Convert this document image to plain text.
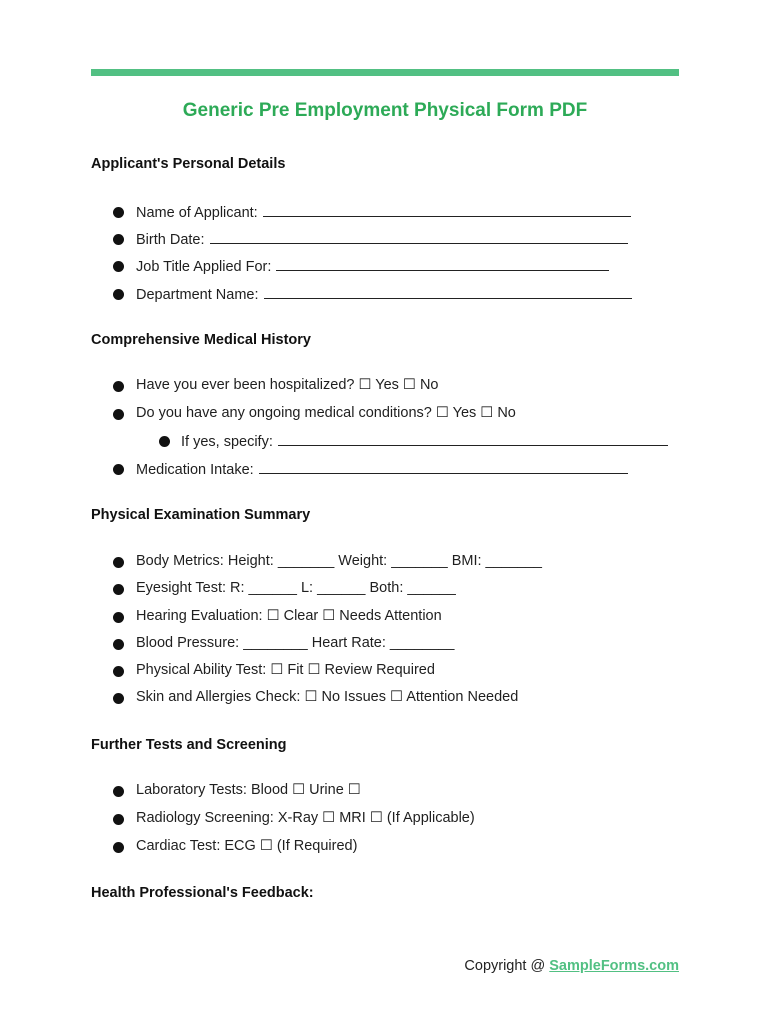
Generic Pre Employment Physical Form PDF
Applicant's Personal Details
Name of Applicant:
Birth Date:
Job Title Applied For:
Department Name:
Comprehensive Medical History
Have you ever been hospitalized? ☐ Yes ☐ No
Do you have any ongoing medical conditions? ☐ Yes ☐ No
If yes, specify:
Medication Intake:
Physical Examination Summary
Body Metrics: Height: _______ Weight: _______ BMI: _______
Eyesight Test: R: ______ L: ______ Both: ______
Hearing Evaluation: ☐ Clear ☐ Needs Attention
Blood Pressure: ________ Heart Rate: ________
Physical Ability Test: ☐ Fit ☐ Review Required
Skin and Allergies Check: ☐ No Issues ☐ Attention Needed
Further Tests and Screening
Laboratory Tests: Blood ☐ Urine ☐
Radiology Screening: X-Ray ☐ MRI ☐ (If Applicable)
Cardiac Test: ECG ☐ (If Required)
Health Professional's Feedback:
Copyright @ SampleForms.com
